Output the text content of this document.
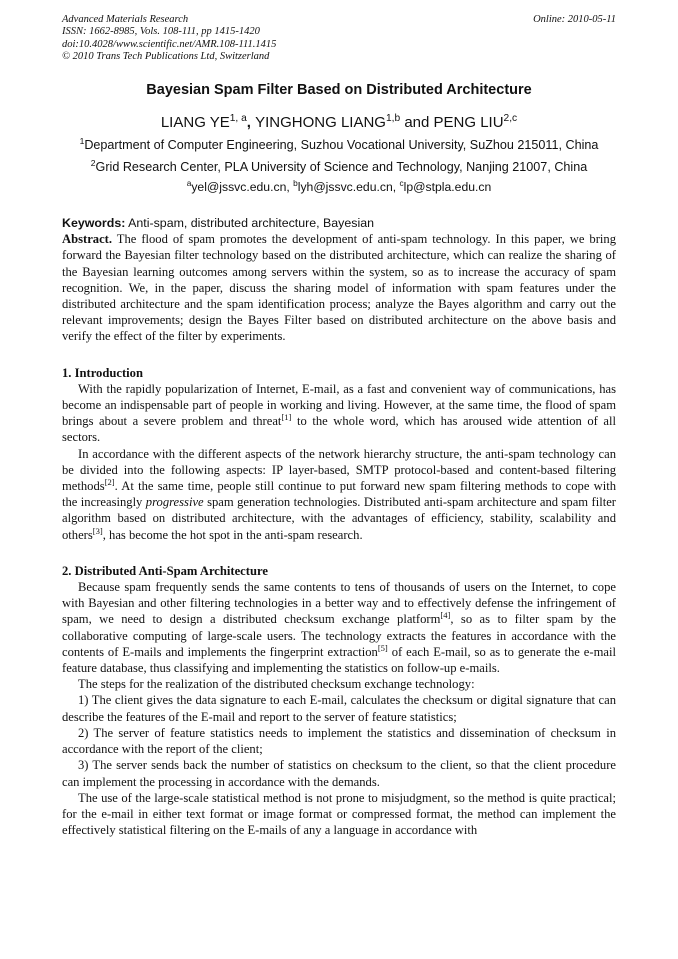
Advanced Materials Research
ISSN: 1662-8985, Vols. 108-111, pp 1415-1420
doi:10.4028/www.scientific.net/AMR.108-111.1415
© 2010 Trans Tech Publications Ltd, Switzerland
Online: 2010-05-11
Bayesian Spam Filter Based on Distributed Architecture
LIANG YE$^{1, a}$, YINGHONG LIANG$^{1,b}$ and PENG LIU$^{2,c}$
$^1$Department of Computer Engineering, Suzhou Vocational University, SuZhou 215011, China
$^2$Grid Research Center, PLA University of Science and Technology, Nanjing 21007, China
$^a$yel@jssvc.edu.cn, $^b$lyh@jssvc.edu.cn, $^c$lp@stpla.edu.cn

Keywords: Anti-spam, distributed architecture, Bayesian

Abstract. The flood of spam promotes the development of anti-spam technology. In this paper, we bring forward the Bayesian filter technology based on the distributed architecture, which can realize the sharing of the Bayesian learning outcomes among servers within the system, so as to increase the accuracy of spam recognition. We, in the paper, discuss the sharing model of information with spam features under the distributed architecture and the spam identification process; analyze the Bayes algorithm and carry out the relevant improvements; design the Bayes Filter based on distributed architecture on the above basis and verify the effect of the filter by experiments.

1. Introduction

With the rapidly popularization of Internet, E-mail, as a fast and convenient way of communications, has become an indispensable part of people in working and living. However, at the same time, the flood of spam brings about a severe problem and threat[1] to the whole word, which has aroused wide attention of all sectors.

In accordance with the different aspects of the network hierarchy structure, the anti-spam technology can be divided into the following aspects: IP layer-based, SMTP protocol-based and content-based filtering methods[2]. At the same time, people still continue to put forward new spam filtering methods to cope with the increasingly progressive spam generation technologies. Distributed anti-spam architecture and spam filter algorithm based on distributed architecture, with the advantages of efficiency, stability, scalability and others[3], has become the hot spot in the anti-spam research.

2. Distributed Anti-Spam Architecture

Because spam frequently sends the same contents to tens of thousands of users on the Internet, to cope with Bayesian and other filtering technologies in a better way and to effectively defense the infringement of spam, we need to design a distributed checksum exchange platform[4], so as to filter spam by the collaborative computing of large-scale users. The technology extracts the features in accordance with the contents of E-mails and implements the fingerprint extraction[5] of each E-mail, so as to generate the e-mail feature database, thus classifying and implementing the statistics on follow-up e-mails.

The steps for the realization of the distributed checksum exchange technology:

1) The client gives the data signature to each E-mail, calculates the checksum or digital signature that can describe the features of the E-mail and report to the server of feature statistics;

2) The server of feature statistics needs to implement the statistics and dissemination of checksum in accordance with the report of the client;

3) The server sends back the number of statistics on checksum to the client, so that the client procedure can implement the processing in accordance with the demands.

The use of the large-scale statistical method is not prone to misjudgment, so the method is quite practical; for the e-mail in either text format or image format or compressed format, the method can implement the effectively statistical filtering on the E-mails of any a language in accordance with
